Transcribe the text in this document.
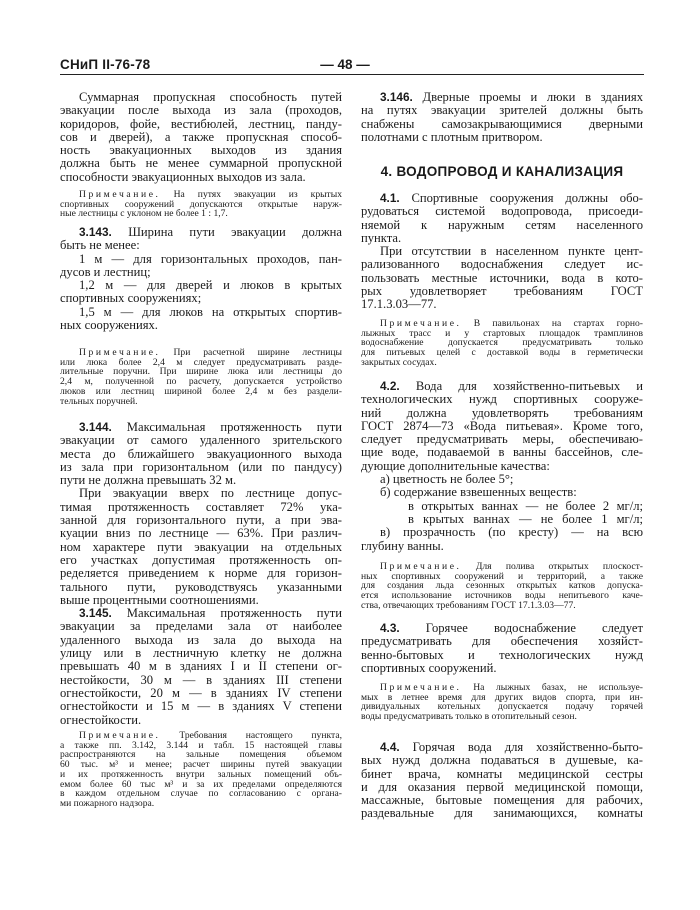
СНиП II-76-78	— 48 —
Суммарная пропускная способность путей
эвакуации после выхода из зала (проходов,
коридоров, фойе, вестибюлей, лестниц, панду-
сов и дверей), а также пропускная способ-
ность эвакуационных выходов из здания
должна быть не менее суммарной пропускной
способности эвакуационных выходов из зала.
Примечание. На путях эвакуации из крытых
спортивных сооружений допускаются открытые наруж-
ные лестницы с уклоном не более 1 : 1,7.
3.143. Ширина пути эвакуации должна
быть не менее:
1 м — для горизонтальных проходов, пан-
дусов и лестниц;
1,2 м — для дверей и люков в крытых
спортивных сооружениях;
1,5 м — для люков на открытых спортив-
ных сооружениях.
Примечание. При расчетной ширине лестницы
или люка более 2,4 м следует предусматривать разде-
лительные поручни. При ширине люка или лестницы до
2,4 м, полученной по расчету, допускается устройство
люков или лестниц шириной более 2,4 м без раздели-
тельных поручней.
3.144. Максимальная протяженность пути
эвакуации от самого удаленного зрительского
места до ближайшего эвакуационного выхода
из зала при горизонтальном (или по пандусу)
пути не должна превышать 32 м.
При эвакуации вверх по лестнице допус-
тимая протяженность составляет 72% ука-
занной для горизонтального пути, а при эва-
куации вниз по лестнице — 63%. При различ-
ном характере пути эвакуации на отдельных
его участках допустимая протяженность оп-
ределяется приведением к норме для горизон-
тального пути, руководствуясь указанными
выше процентными соотношениями.
3.145. Максимальная протяженность пути
эвакуации за пределами зала от наиболее
удаленного выхода из зала до выхода на
улицу или в лестничную клетку не должна
превышать 40 м в зданиях I и II степени ог-
нестойкости, 30 м — в зданиях III степени
огнестойкости, 20 м — в зданиях IV степени
огнестойкости и 15 м — в зданиях V степени
огнестойкости.
Примечание. Требования настоящего пункта,
а также пп. 3.142, 3.144 и табл. 15 настоящей главы
распространяются на зальные помещения объемом
60 тыс. м³ и менее; расчет ширины путей эвакуации
и их протяженность внутри зальных помещений объ-
емом более 60 тыс м³ и за их пределами определяются
в каждом отдельном случае по согласованию с органа-
ми пожарного надзора.
3.146. Дверные проемы и люки в зданиях
на путях эвакуации зрителей должны быть
снабжены самозакрывающимися дверными
полотнами с плотным притвором.
4. ВОДОПРОВОД И КАНАЛИЗАЦИЯ
4.1. Спортивные сооружения должны обо-
рудоваться системой водопровода, присоеди-
няемой к наружным сетям населенного
пункта.
При отсутствии в населенном пункте цент-
рализованного водоснабжения следует ис-
пользовать местные источники, вода в кото-
рых удовлетворяет требованиям ГОСТ
17.1.3.03—77.
Примечание. В павильонах на стартах горно-
лыжных трасс и у стартовых площадок трамплинов
водоснабжение допускается предусматривать только
для питьевых целей с доставкой воды в герметически
закрытых сосудах.
4.2. Вода для хозяйственно-питьевых и
технологических нужд спортивных сооруже-
ний должна удовлетворять требованиям
ГОСТ 2874—73 «Вода питьевая». Кроме того,
следует предусматривать меры, обеспечиваю-
щие воде, подаваемой в ванны бассейнов, сле-
дующие дополнительные качества:
а) цветность не более 5°;
б) содержание взвешенных веществ:
в открытых ваннах — не более 2 мг/л;
в крытых ваннах — не более 1 мг/л;
в) прозрачность (по кресту) — на всю
глубину ванны.
Примечание. Для полива открытых плоскост-
ных спортивных сооружений и территорий, а также
для создания льда сезонных открытых катков допуска-
ется использование источников воды непитьевого каче-
ства, отвечающих требованиям ГОСТ 17.1.3.03—77.
4.3. Горячее водоснабжение следует
предусматривать для обеспечения хозяйст-
венно-бытовых и технологических нужд
спортивных сооружений.
Примечание. На лыжных базах, не используе-
мых в летнее время для других видов спорта, при ин-
дивидуальных котельных допускается подачу горячей
воды предусматривать только в отопительный сезон.
4.4. Горячая вода для хозяйственно-быто-
вых нужд должна подаваться в душевые, ка-
бинет врача, комнаты медицинской сестры
и для оказания первой медицинской помощи,
массажные, бытовые помещения для рабочих,
раздевальные для занимающихся, комнаты
